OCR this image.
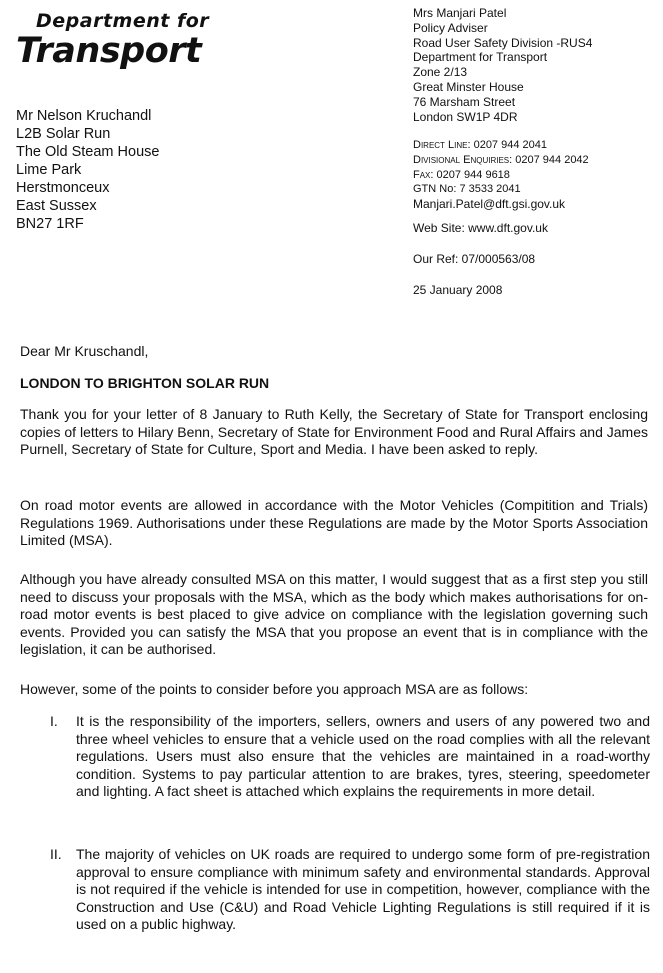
Department for
Transport
Mrs Manjari Patel
Policy Adviser
Road User Safety Division -RUS4
Department for Transport
Zone 2/13
Great Minster House
76 Marsham Street
London SW1P 4DR
Direct Line: 0207 944 2041
Divisional Enquiries: 0207 944 2042
Fax: 0207 944 9618
GTN No: 7 3533 2041
Manjari.Patel@dft.gsi.gov.uk
Web Site: www.dft.gov.uk
Our Ref: 07/000563/08
25 January 2008
Mr Nelson Kruchandl
L2B Solar Run
The Old Steam House
Lime Park
Herstmonceux
East Sussex
BN27 1RF
Dear Mr Kruschandl,
LONDON TO BRIGHTON SOLAR RUN
Thank you for your letter of 8 January to Ruth Kelly, the Secretary of State for Transport enclosing copies of letters to Hilary Benn, Secretary of State for Environment Food and Rural Affairs and James Purnell, Secretary of State for Culture, Sport and Media. I have been asked to reply.
On road motor events are allowed in accordance with the Motor Vehicles (Compitition and Trials) Regulations 1969. Authorisations under these Regulations are made by the Motor Sports Association Limited (MSA).
Although you have already consulted MSA on this matter, I would suggest that as a first step you still need to discuss your proposals with the MSA, which as the body which makes authorisations for on-road motor events is best placed to give advice on compliance with the legislation governing such events. Provided you can satisfy the MSA that you propose an event that is in compliance with the legislation, it can be authorised.
However, some of the points to consider before you approach MSA are as follows:
I.	It is the responsibility of the importers, sellers, owners and users of any powered two and three wheel vehicles to ensure that a vehicle used on the road complies with all the relevant regulations. Users must also ensure that the vehicles are maintained in a road-worthy condition. Systems to pay particular attention to are brakes, tyres, steering, speedometer and lighting. A fact sheet is attached which explains the requirements in more detail.
II.	The majority of vehicles on UK roads are required to undergo some form of pre-registration approval to ensure compliance with minimum safety and environmental standards. Approval is not required if the vehicle is intended for use in competition, however, compliance with the Construction and Use (C&U) and Road Vehicle Lighting Regulations is still required if it is used on a public highway.
